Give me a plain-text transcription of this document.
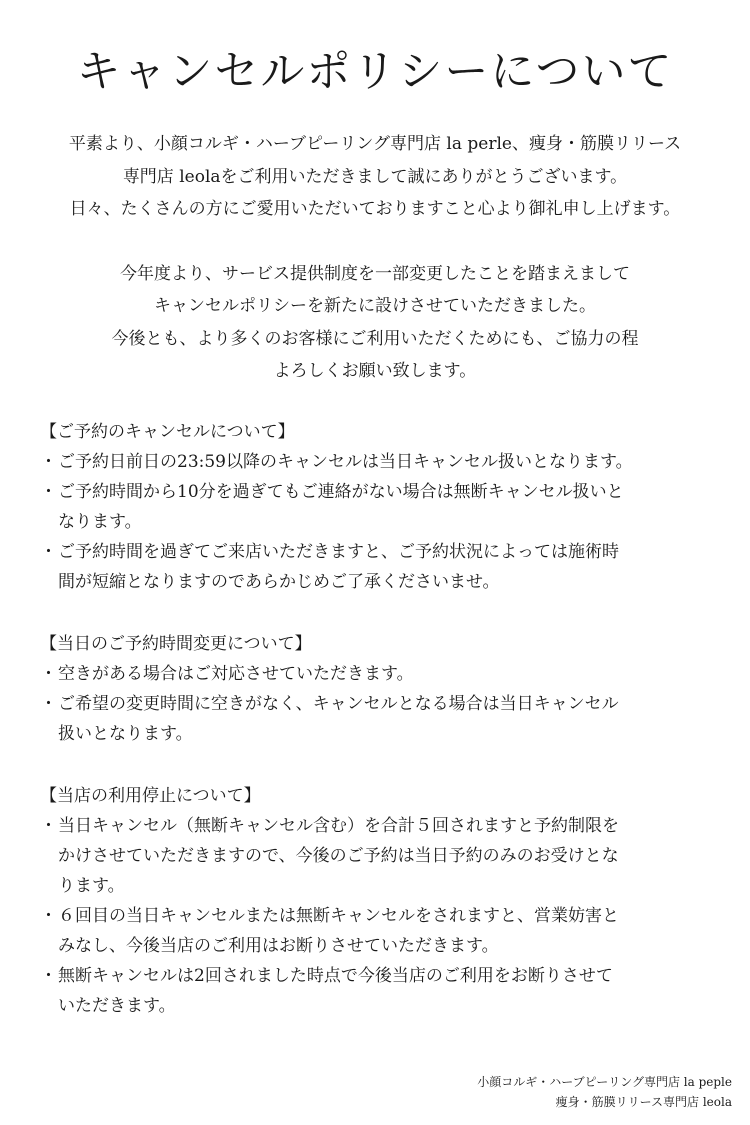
キャンセルポリシーについて
平素より、小顔コルギ・ハーブピーリング専門店 la perle、痩身・筋膜リリース
専門店 leolaをご利用いただきまして誠にありがとうございます。
日々、たくさんの方にご愛用いただいておりますこと心より御礼申し上げます。
今年度より、サービス提供制度を一部変更したことを踏まえまして
キャンセルポリシーを新たに設けさせていただきました。
今後とも、より多くのお客様にご利用いただくためにも、ご協力の程
よろしくお願い致します。
【ご予約のキャンセルについて】
・ ご予約日前日の23:59以降のキャンセルは当日キャンセル扱いとなります。
・ ご予約時間から10分を過ぎてもご連絡がない場合は無断キャンセル扱いと
なります。
・ ご予約時間を過ぎてご来店いただきますと、ご予約状況によっては施術時
間が短縮となりますのであらかじめご了承くださいませ。
【当日のご予約時間変更について】
・ 空きがある場合はご対応させていただきます。
・ ご希望の変更時間に空きがなく、キャンセルとなる場合は当日キャンセル
扱いとなります。
【当店の利用停止について】
・ 当日キャンセル（無断キャンセル含む）を合計５回されますと予約制限を
かけさせていただきますので、今後のご予約は当日予約のみのお受けとな
ります。
・ ６回目の当日キャンセルまたは無断キャンセルをされますと、営業妨害と
みなし、今後当店のご利用はお断りさせていただきます。
・ 無断キャンセルは2回されました時点で今後当店のご利用をお断りさせて
いただきます。
小顔コルギ・ハーブピーリング専門店 la peple
痩身・筋膜リリース専門店 leola
